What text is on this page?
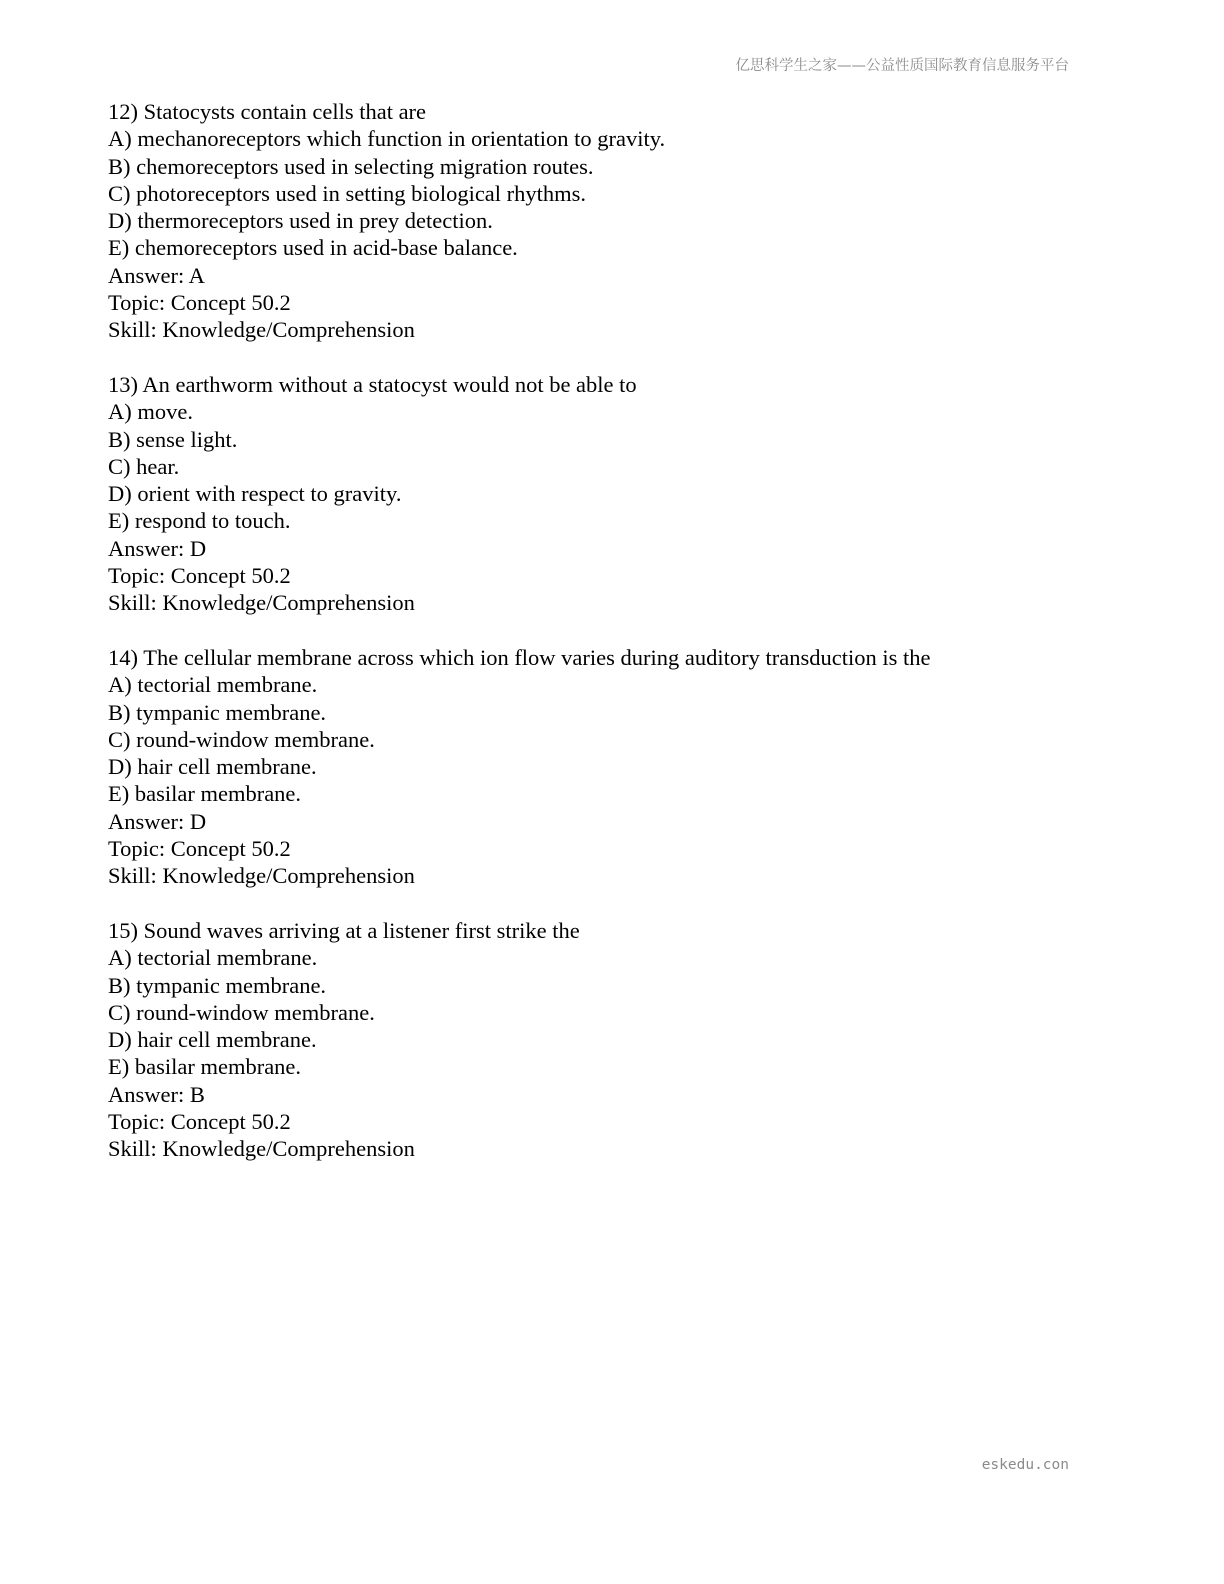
亿思科学生之家——公益性质国际教育信息服务平台
12) Statocysts contain cells that are
A) mechanoreceptors which function in orientation to gravity.
B) chemoreceptors used in selecting migration routes.
C) photoreceptors used in setting biological rhythms.
D) thermoreceptors used in prey detection.
E) chemoreceptors used in acid-base balance.
Answer: A
Topic: Concept 50.2
Skill: Knowledge/Comprehension
13) An earthworm without a statocyst would not be able to
A) move.
B) sense light.
C) hear.
D) orient with respect to gravity.
E) respond to touch.
Answer: D
Topic: Concept 50.2
Skill: Knowledge/Comprehension
14) The cellular membrane across which ion flow varies during auditory transduction is the
A) tectorial membrane.
B) tympanic membrane.
C) round-window membrane.
D) hair cell membrane.
E) basilar membrane.
Answer: D
Topic: Concept 50.2
Skill: Knowledge/Comprehension
15) Sound waves arriving at a listener first strike the
A) tectorial membrane.
B) tympanic membrane.
C) round-window membrane.
D) hair cell membrane.
E) basilar membrane.
Answer: B
Topic: Concept 50.2
Skill: Knowledge/Comprehension
eskedu.con
